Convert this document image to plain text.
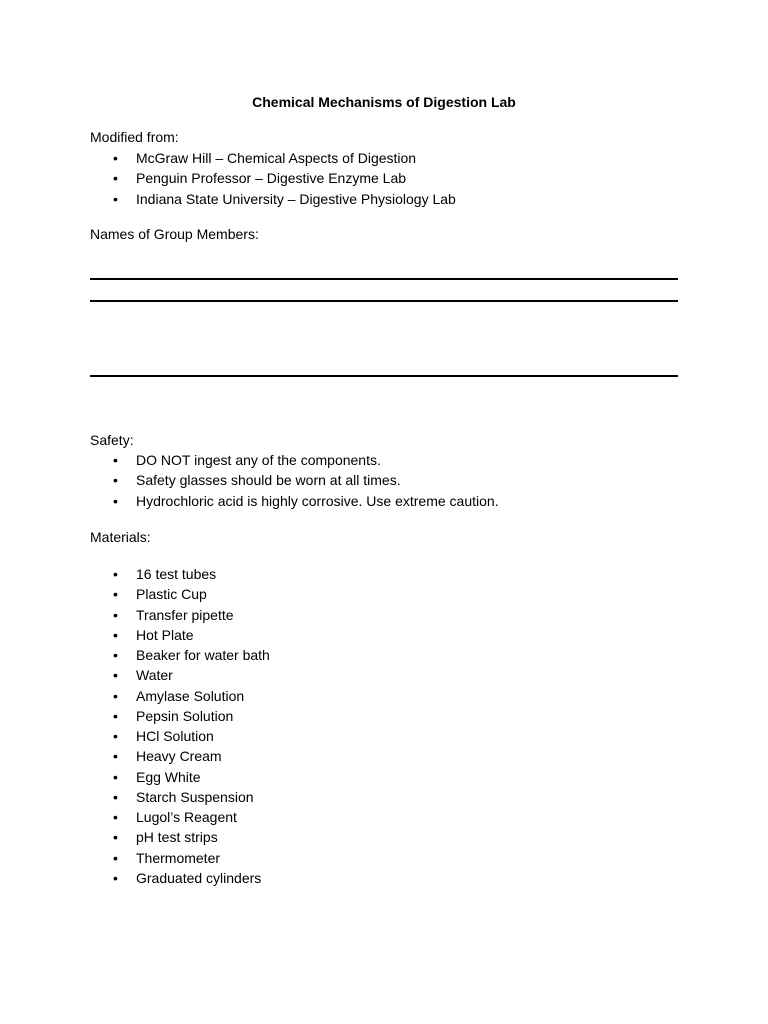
Chemical Mechanisms of Digestion Lab
Modified from:
• McGraw Hill – Chemical Aspects of Digestion
• Penguin Professor – Digestive Enzyme Lab
• Indiana State University – Digestive Physiology Lab
Names of Group Members:
Safety:
• DO NOT ingest any of the components.
• Safety glasses should be worn at all times.
• Hydrochloric acid is highly corrosive. Use extreme caution.
Materials:
• 16 test tubes
• Plastic Cup
• Transfer pipette
• Hot Plate
• Beaker for water bath
• Water
• Amylase Solution
• Pepsin Solution
• HCl Solution
• Heavy Cream
• Egg White
• Starch Suspension
• Lugol’s Reagent
• pH test strips
• Thermometer
• Graduated cylinders
